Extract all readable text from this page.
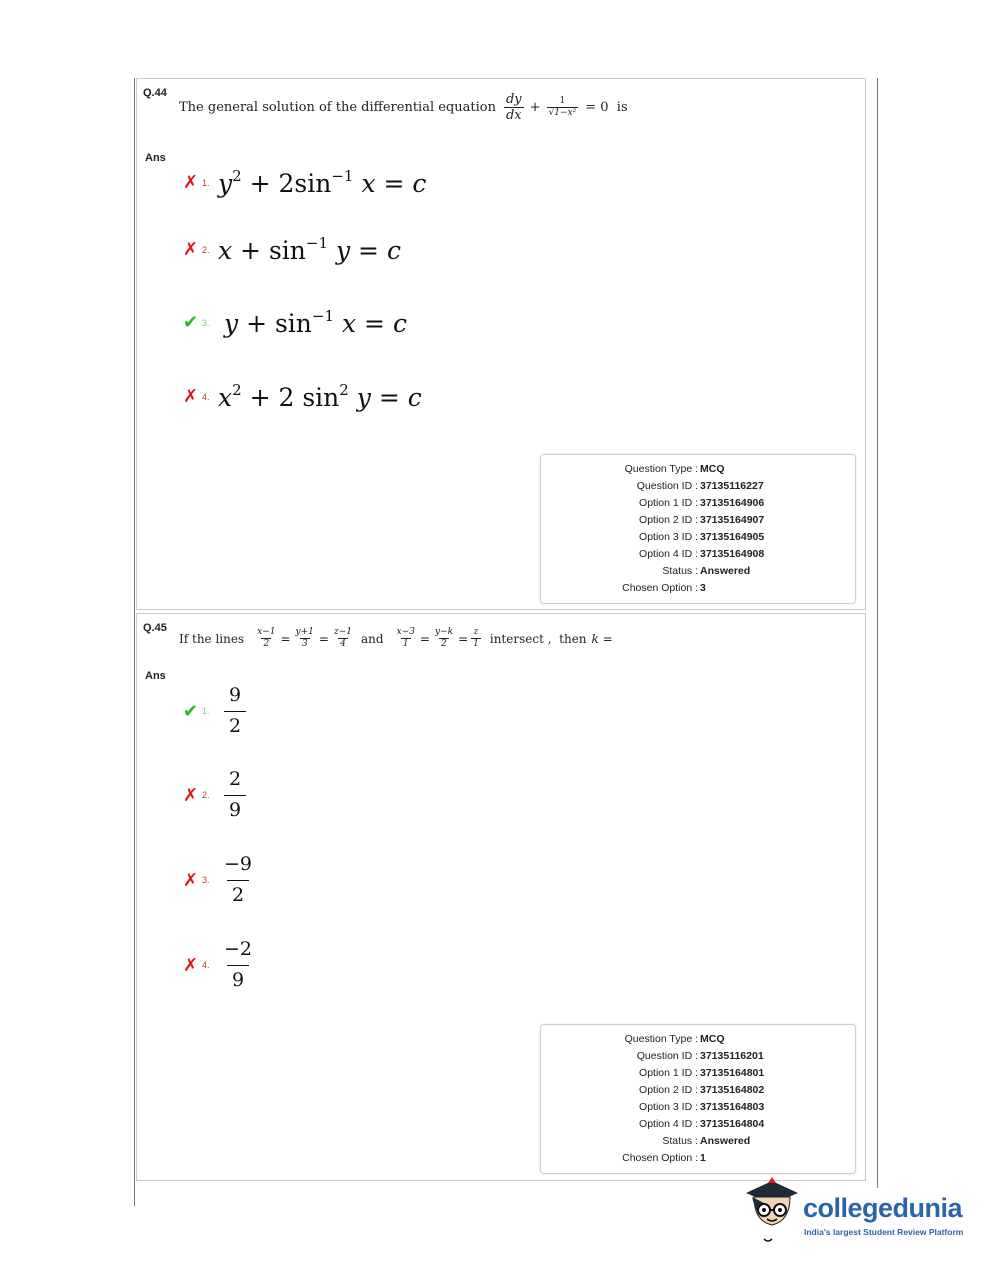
Q.44
The general solution of the differential equation $\frac{dy}{dx} + \frac{1}{\text{√1−x²}} = 0$  is
Ans
✗ 1. $y^2 + 2\sin^{-1}$ x = c
✗ 2. $x + \sin^{-1} y = c$
✔ 3. $y + \sin^{-1} x = c$
✗ 4. $x^2 + 2$ $\sin^2 y = c$
Question Type : MCQ
Question ID : 37135116227
Option 1 ID : 37135164906
Option 2 ID : 37135164907
Option 3 ID : 37135164905
Option 4 ID : 37135164908
Status : Answered
Chosen Option : 3
Q.45
If the lines $\frac{x-1}{2} = \frac{y+1}{3} = \frac{z-1}{4}$ and $\frac{x-3}{1} = \frac{y-k}{2} = \frac{z}{1}$ intersect ,  then k =
Ans
✔ 1.
9
2
✗ 2.
2
9
✗ 3.
−9
2
✗ 4.
−2
9
Question Type : MCQ
Question ID : 37135116201
Option 1 ID : 37135164801
Option 2 ID : 37135164802
Option 3 ID : 37135164803
Option 4 ID : 37135164804
Status : Answered
Chosen Option : 1
collegedunia
India's largest Student Review Platform
